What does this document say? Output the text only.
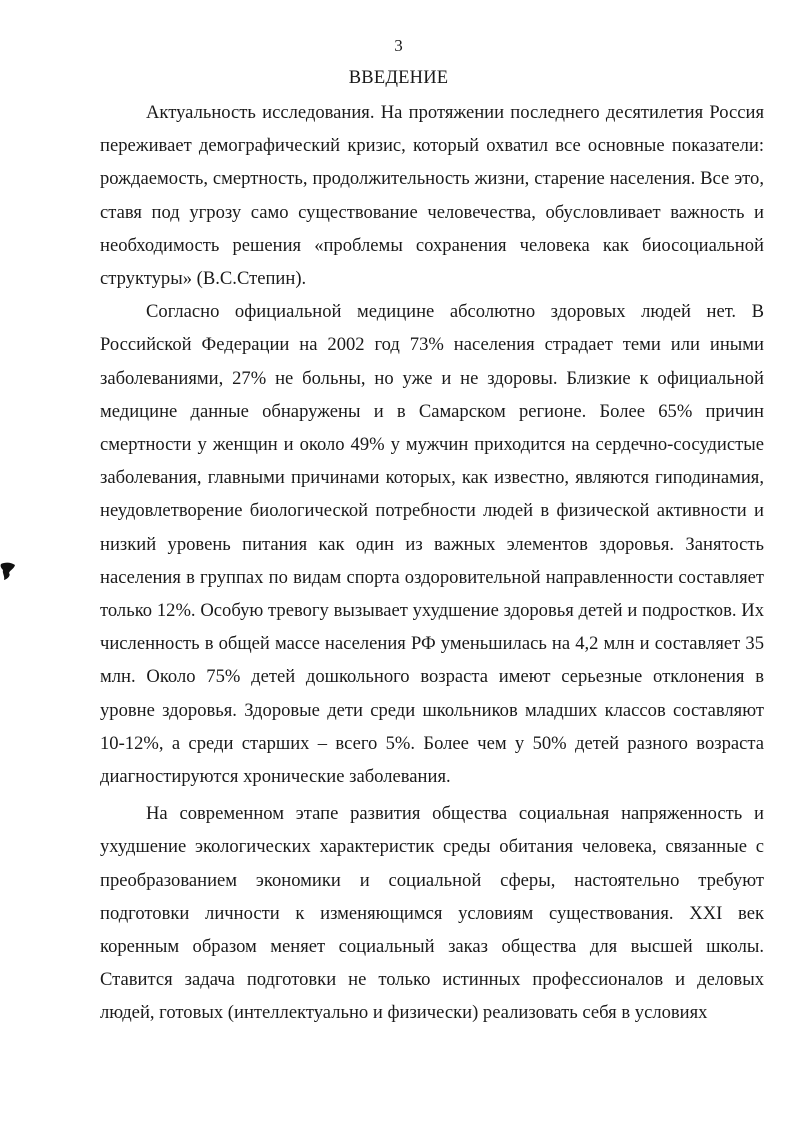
3
ВВЕДЕНИЕ

Актуальность исследования. На протяжении последнего десятилетия Россия переживает демографический кризис, который охватил все основные показатели: рождаемость, смертность, продолжительность жизни, старение населения. Все это, ставя под угрозу само существование человечества, обусловливает важность и необходимость решения «проблемы сохранения человека как биосоциальной структуры» (В.С.Степин).

Согласно официальной медицине абсолютно здоровых людей нет. В Российской Федерации на 2002 год 73% населения страдает теми или иными заболеваниями, 27% не больны, но уже и не здоровы. Близкие к официальной медицине данные обнаружены и в Самарском регионе. Более 65% причин смертности у женщин и около 49% у мужчин приходится на сердечно-сосудистые заболевания, главными причинами которых, как известно, являются гиподинамия, неудовлетворение биологической потребности людей в физической активности и низкий уровень питания как один из важных элементов здоровья. Занятость населения в группах по видам спорта оздоровительной направленности составляет только 12%. Особую тревогу вызывает ухудшение здоровья детей и подростков. Их численность в общей массе населения РФ уменьшилась на 4,2 млн и составляет 35 млн. Около 75% детей дошкольного возраста имеют серьезные отклонения в уровне здоровья. Здоровые дети среди школьников младших классов составляют 10-12%, а среди старших – всего 5%. Более чем у 50% детей разного возраста диагностируются хронические заболевания.

На современном этапе развития общества социальная напряженность и ухудшение экологических характеристик среды обитания человека, связанные с преобразованием экономики и социальной сферы, настоятельно требуют подготовки личности к изменяющимся условиям существования. XXI век коренным образом меняет социальный заказ общества для высшей школы. Ставится задача подготовки не только истинных профессионалов и деловых людей, готовых (интеллектуально и физически) реализовать себя в условиях
